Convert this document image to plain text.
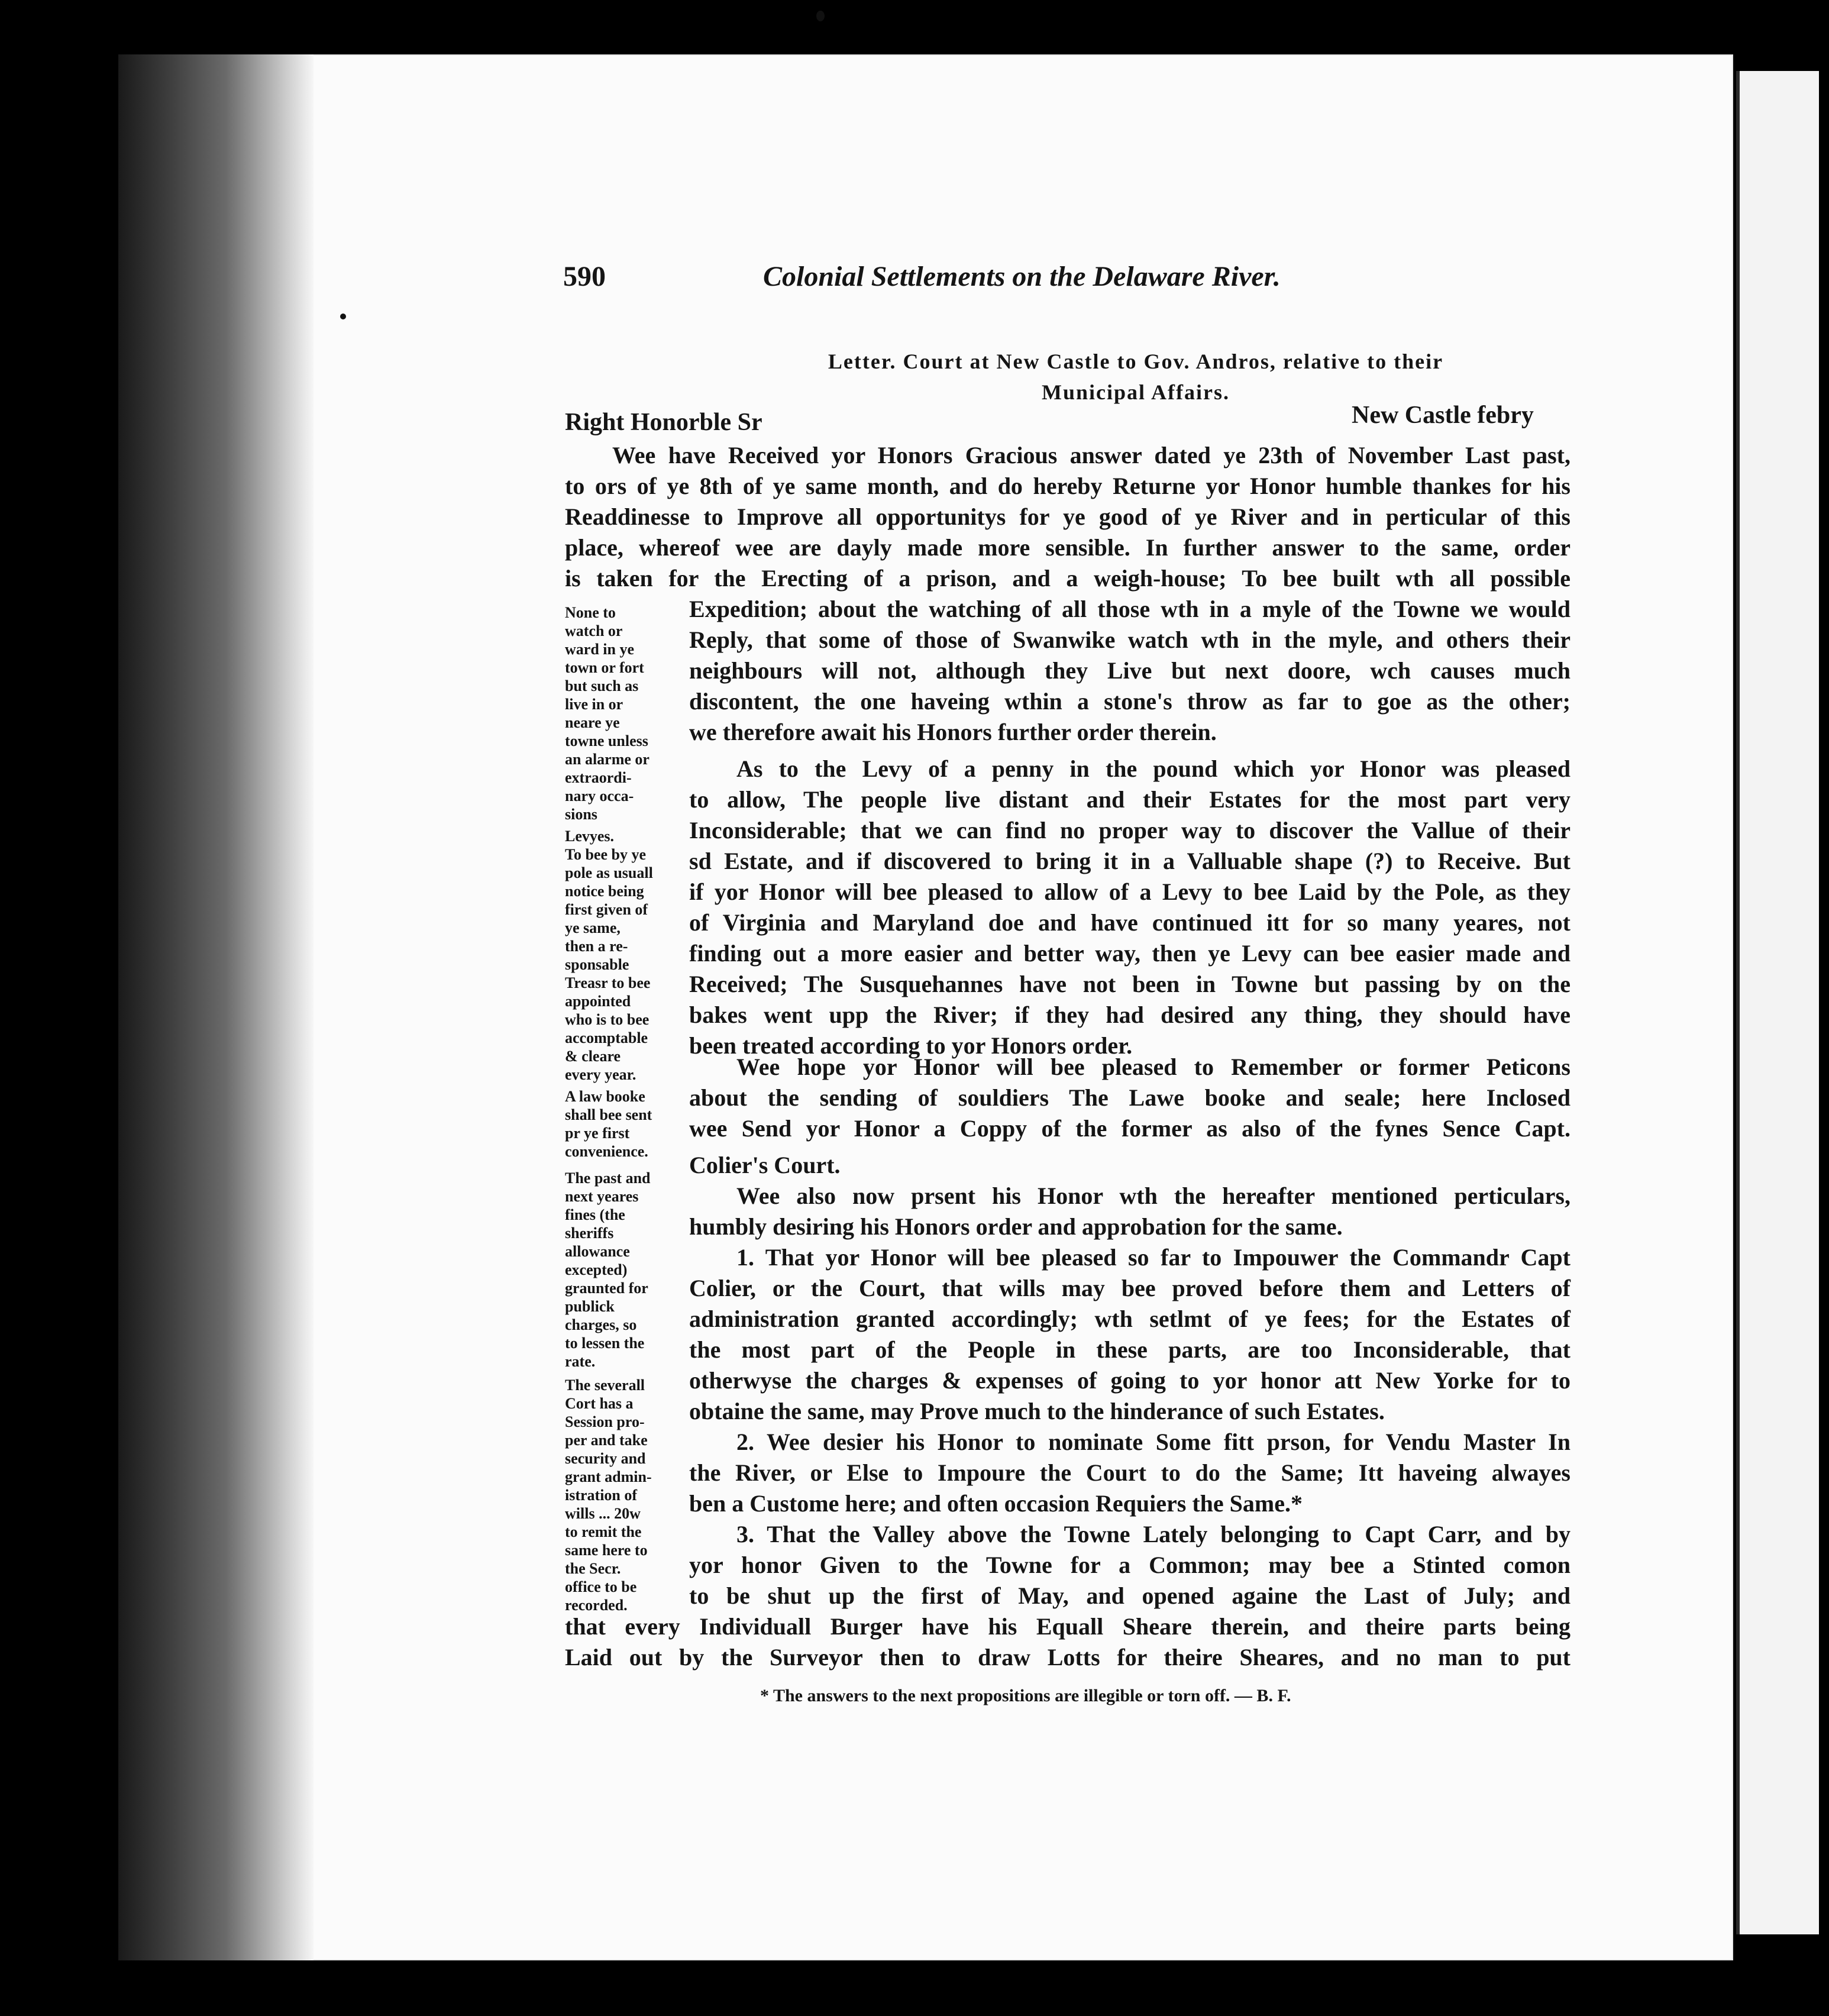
590	Colonial Settlements on the Delaware River.
Letter. Court at New Castle to Gov. Andros, relative to their
Municipal Affairs.
Right Honorble Sr	New Castle febry
Wee have Received yor Honors Gracious answer dated ye 23th of November Last past,
to ors of ye 8th of ye same month, and do hereby Returne yor Honor humble thankes for his
Readdinesse to Improve all opportunitys for ye good of ye River and in perticular of this
place, whereof wee are dayly made more sensible. In further answer to the same, order
is taken for the Erecting of a prison, and a weigh-house; To bee built wth all possible
Expedition; about the watching of all those wth in a myle of the Towne we would
Reply, that some of those of Swanwike watch wth in the myle, and others their
neighbours will not, although they Live but next doore, wch causes much
discontent, the one haveing wthin a stone's throw as far to goe as the other;
we therefore await his Honors further order therein.
As to the Levy of a penny in the pound which yor Honor was pleased
to allow, The people live distant and their Estates for the most part very
Inconsiderable; that we can find no proper way to discover the Vallue of their
sd Estate, and if discovered to bring it in a Valluable shape (?) to Receive. But
if yor Honor will bee pleased to allow of a Levy to bee Laid by the Pole, as they
of Virginia and Maryland doe and have continued itt for so many yeares, not
finding out a more easier and better way, then ye Levy can bee easier made and
Received; The Susquehannes have not been in Towne but passing by on the
bakes went upp the River; if they had desired any thing, they should have
been treated according to yor Honors order.
Wee hope yor Honor will bee pleased to Remember or former Peticons
about the sending of souldiers The Lawe booke and seale; here Inclosed
wee Send yor Honor a Coppy of the former as also of the fynes Sence Capt.
Colier's Court.
Wee also now prsent his Honor wth the hereafter mentioned perticulars,
humbly desiring his Honors order and approbation for the same.
1. That yor Honor will bee pleased so far to Impouwer the Commandr Capt
Colier, or the Court, that wills may bee proved before them and Letters of
administration granted accordingly; wth setlmt of ye fees; for the Estates of
the most part of the People in these parts, are too Inconsiderable, that
otherwyse the charges & expenses of going to yor honor att New Yorke for to
obtaine the same, may Prove much to the hinderance of such Estates.
2. Wee desier his Honor to nominate Some fitt prson, for Vendu Master In
the River, or Else to Impoure the Court to do the Same; Itt haveing alwayes
ben a Custome here; and often occasion Requiers the Same.*
3. That the Valley above the Towne Lately belonging to Capt Carr, and by
yor honor Given to the Towne for a Common; may bee a Stinted comon
to be shut up the first of May, and opened againe the Last of July; and
that every Individuall Burger have his Equall Sheare therein, and theire parts being
Laid out by the Surveyor then to draw Lotts for theire Sheares, and no man to put
None to
watch or
ward in ye
town or fort
but such as
live in or
neare ye
towne unless
an alarme or
extraordi-
nary occa-
sions
Levyes.
To bee by ye
pole as usuall
notice being
first given of
ye same,
then a re-
sponsable
Treasr to bee
appointed
who is to bee
accomptable
& cleare
every year.
A law booke
shall bee sent
pr ye first
convenience.
The past and
next yeares
fines (the
sheriffs
allowance
excepted)
graunted for
publick
charges, so
to lessen the
rate.
The severall
Cort has a
Session pro-
per and take
security and
grant admin-
istration of
wills ... 20w
to remit the
same here to
the Secr.
office to be
recorded.
* The answers to the next propositions are illegible or torn off. — B. F.
